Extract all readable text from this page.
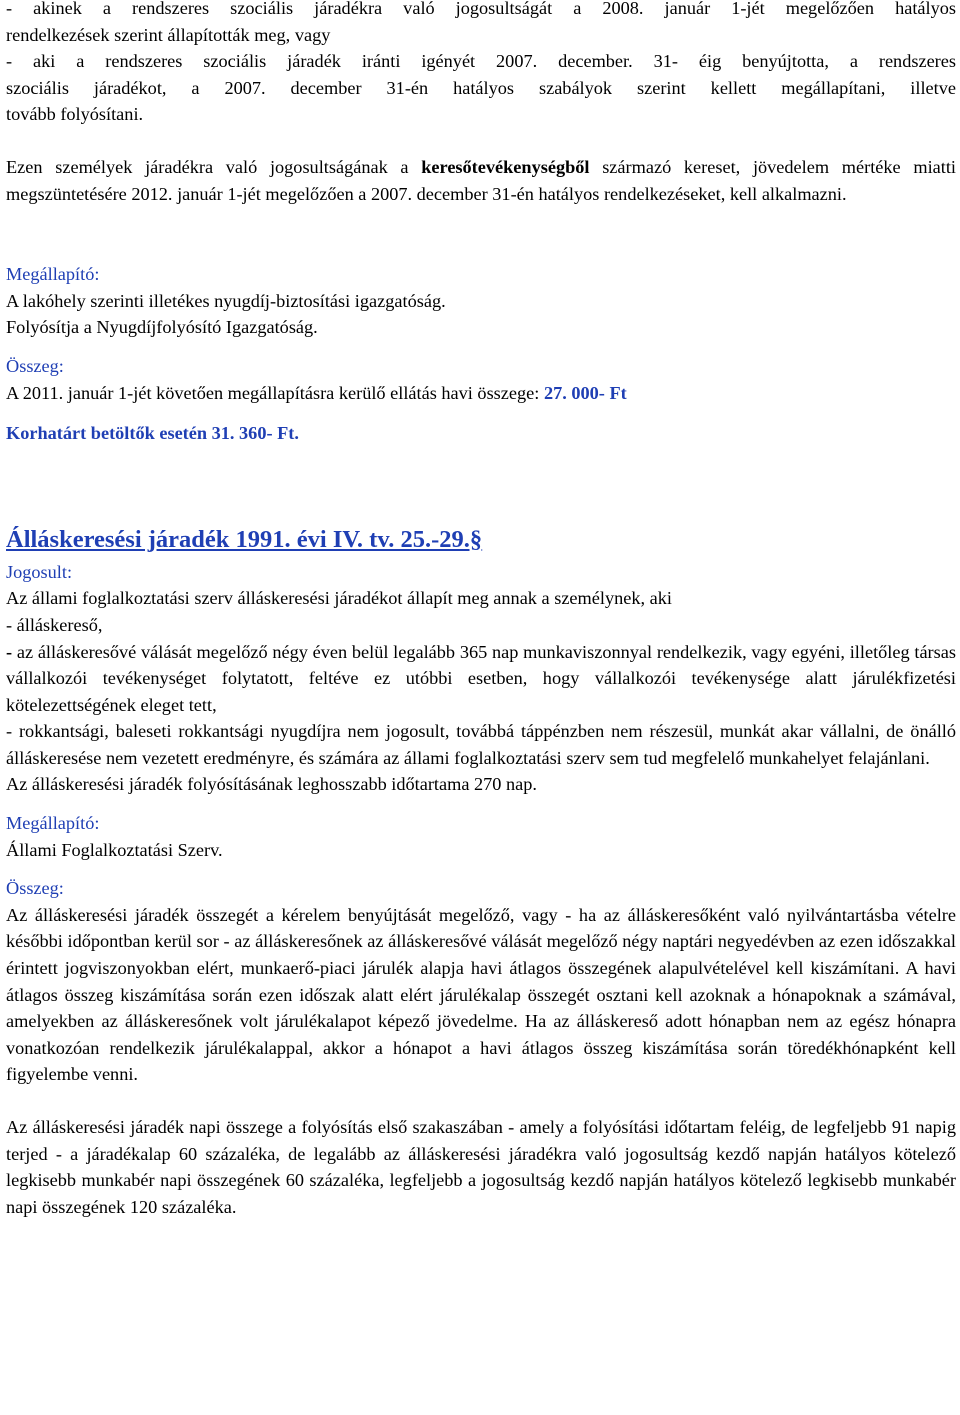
- akinek a rendszeres szociális járadékra való jogosultságát a 2008. január 1-jét megelőzően hatályos

rendelkezések szerint állapították meg, vagy

- aki a rendszeres szociális járadék iránti igényét 2007. december. 31- éig benyújtotta, a rendszeres

szociális járadékot, a 2007. december 31-én hatályos szabályok szerint kellett megállapítani, illetve

tovább folyósítani.

Ezen személyek járadékra való jogosultságának a keresőtevékenységből származó kereset, jövedelem mértéke miatti megszüntetésére 2012. január 1-jét megelőzően a 2007. december 31-én hatályos rendelkezéseket, kell alkalmazni.

Megállapító:

A lakóhely szerinti illetékes nyugdíj-biztosítási igazgatóság.

Folyósítja a Nyugdíjfolyósító Igazgatóság.

Összeg:

A 2011. január 1-jét követően megállapításra kerülő ellátás havi összege: 27. 000- Ft

Korhatárt betöltők esetén 31. 360- Ft.

Álláskeresési járadék 1991. évi IV. tv. 25.-29.§

Jogosult:

Az állami foglalkoztatási szerv álláskeresési járadékot állapít meg annak a személynek, aki

- álláskereső,

- az álláskeresővé válását megelőző négy éven belül legalább 365 nap munkaviszonnyal rendelkezik, vagy egyéni, illetőleg társas vállalkozói tevékenységet folytatott, feltéve ez utóbbi esetben, hogy vállalkozói tevékenysége alatt járulékfizetési kötelezettségének eleget tett,

- rokkantsági, baleseti rokkantsági nyugdíjra nem jogosult, továbbá táppénzben nem részesül, munkát akar vállalni, de önálló álláskeresése nem vezetett eredményre, és számára az állami foglalkoztatási szerv sem tud megfelelő munkahelyet felajánlani.

Az álláskeresési járadék folyósításának leghosszabb időtartama 270 nap.

Megállapító:

Állami Foglalkoztatási Szerv.

Összeg:

Az álláskeresési járadék összegét a kérelem benyújtását megelőző, vagy - ha az álláskeresőként való nyilvántartásba vételre későbbi időpontban kerül sor - az álláskeresőnek az álláskeresővé válását megelőző négy naptári negyedévben az ezen időszakkal érintett jogviszonyokban elért, munkaerő-piaci járulék alapja havi átlagos összegének alapulvételével kell kiszámítani. A havi átlagos összeg kiszámítása során ezen időszak alatt elért járulékalap összegét osztani kell azoknak a hónapoknak a számával, amelyekben az álláskeresőnek volt járulékalapot képező jövedelme. Ha az álláskereső adott hónapban nem az egész hónapra vonatkozóan rendelkezik járulékalappal, akkor a hónapot a havi átlagos összeg kiszámítása során töredékhónapként kell figyelembe venni.

Az álláskeresési járadék napi összege a folyósítás első szakaszában - amely a folyósítási időtartam feléig, de legfeljebb 91 napig terjed - a járadékalap 60 százaléka, de legalább az álláskeresési járadékra való jogosultság kezdő napján hatályos kötelező legkisebb munkabér napi összegének 60 százaléka, legfeljebb a jogosultság kezdő napján hatályos kötelező legkisebb munkabér napi összegének 120 százaléka.
